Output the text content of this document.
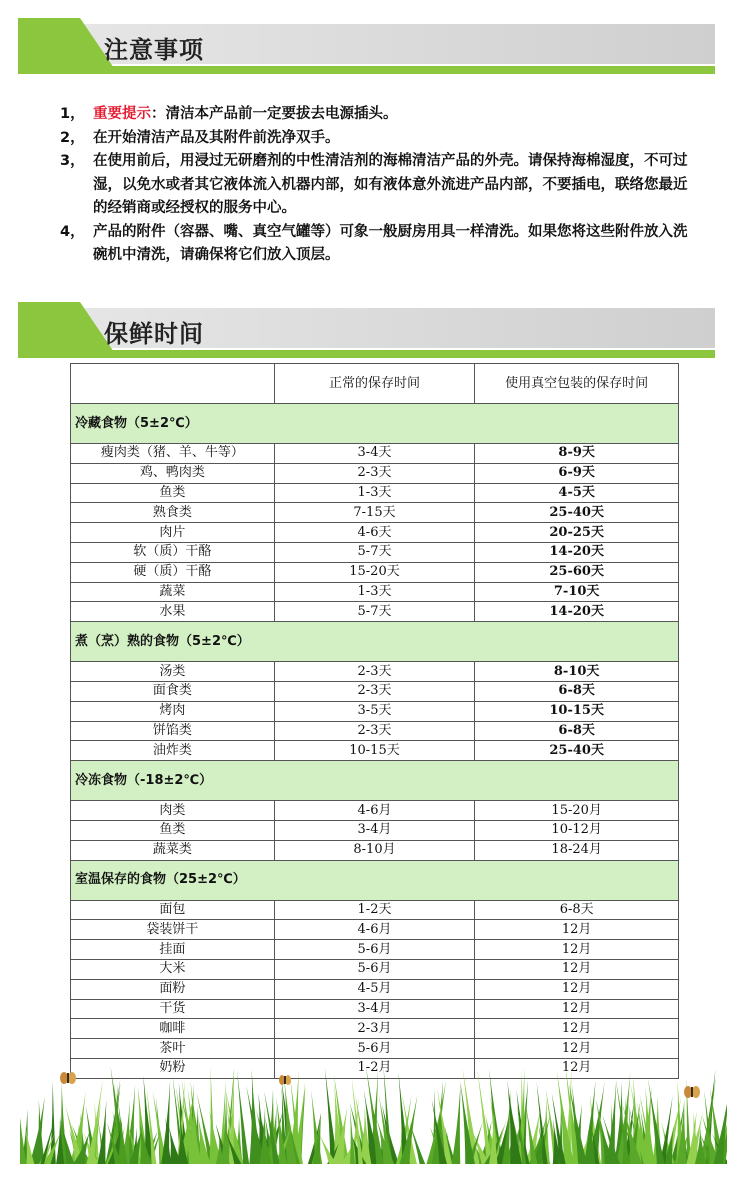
注意事项
1， 重要提示：清洁本产品前一定要拔去电源插头。
2， 在开始清洁产品及其附件前洗净双手。
3， 在使用前后，用浸过无研磨剂的中性清洁剂的海棉清洁产品的外壳。请保持海棉湿度，不可过湿，以免水或者其它液体流入机器内部，如有液体意外流进产品内部，不要插电，联络您最近的经销商或经授权的服务中心。
4， 产品的附件（容器、嘴、真空气罐等）可象一般厨房用具一样清洗。如果您将这些附件放入洗碗机中清洗，请确保将它们放入顶层。
保鲜时间
	正常的保存时间	使用真空包装的保存时间
冷藏食物（5±2℃）		
瘦肉类（猪、羊、牛等）	3-4天	8-9天
鸡、鸭肉类	2-3天	6-9天
鱼类	1-3天	4-5天
熟食类	7-15天	25-40天
肉片	4-6天	20-25天
软（质）干酪	5-7天	14-20天
硬（质）干酪	15-20天	25-60天
蔬菜	1-3天	7-10天
水果	5-7天	14-20天
煮（烹）熟的食物（5±2℃）		
汤类	2-3天	8-10天
面食类	2-3天	6-8天
烤肉	3-5天	10-15天
饼馅类	2-3天	6-8天
油炸类	10-15天	25-40天
冷冻食物（-18±2℃）		
肉类	4-6月	15-20月
鱼类	3-4月	10-12月
蔬菜类	8-10月	18-24月
室温保存的食物（25±2℃）		
面包	1-2天	6-8天
袋装饼干	4-6月	12月
挂面	5-6月	12月
大米	5-6月	12月
面粉	4-5月	12月
干货	3-4月	12月
咖啡	2-3月	12月
茶叶	5-6月	12月
奶粉	1-2月	12月
